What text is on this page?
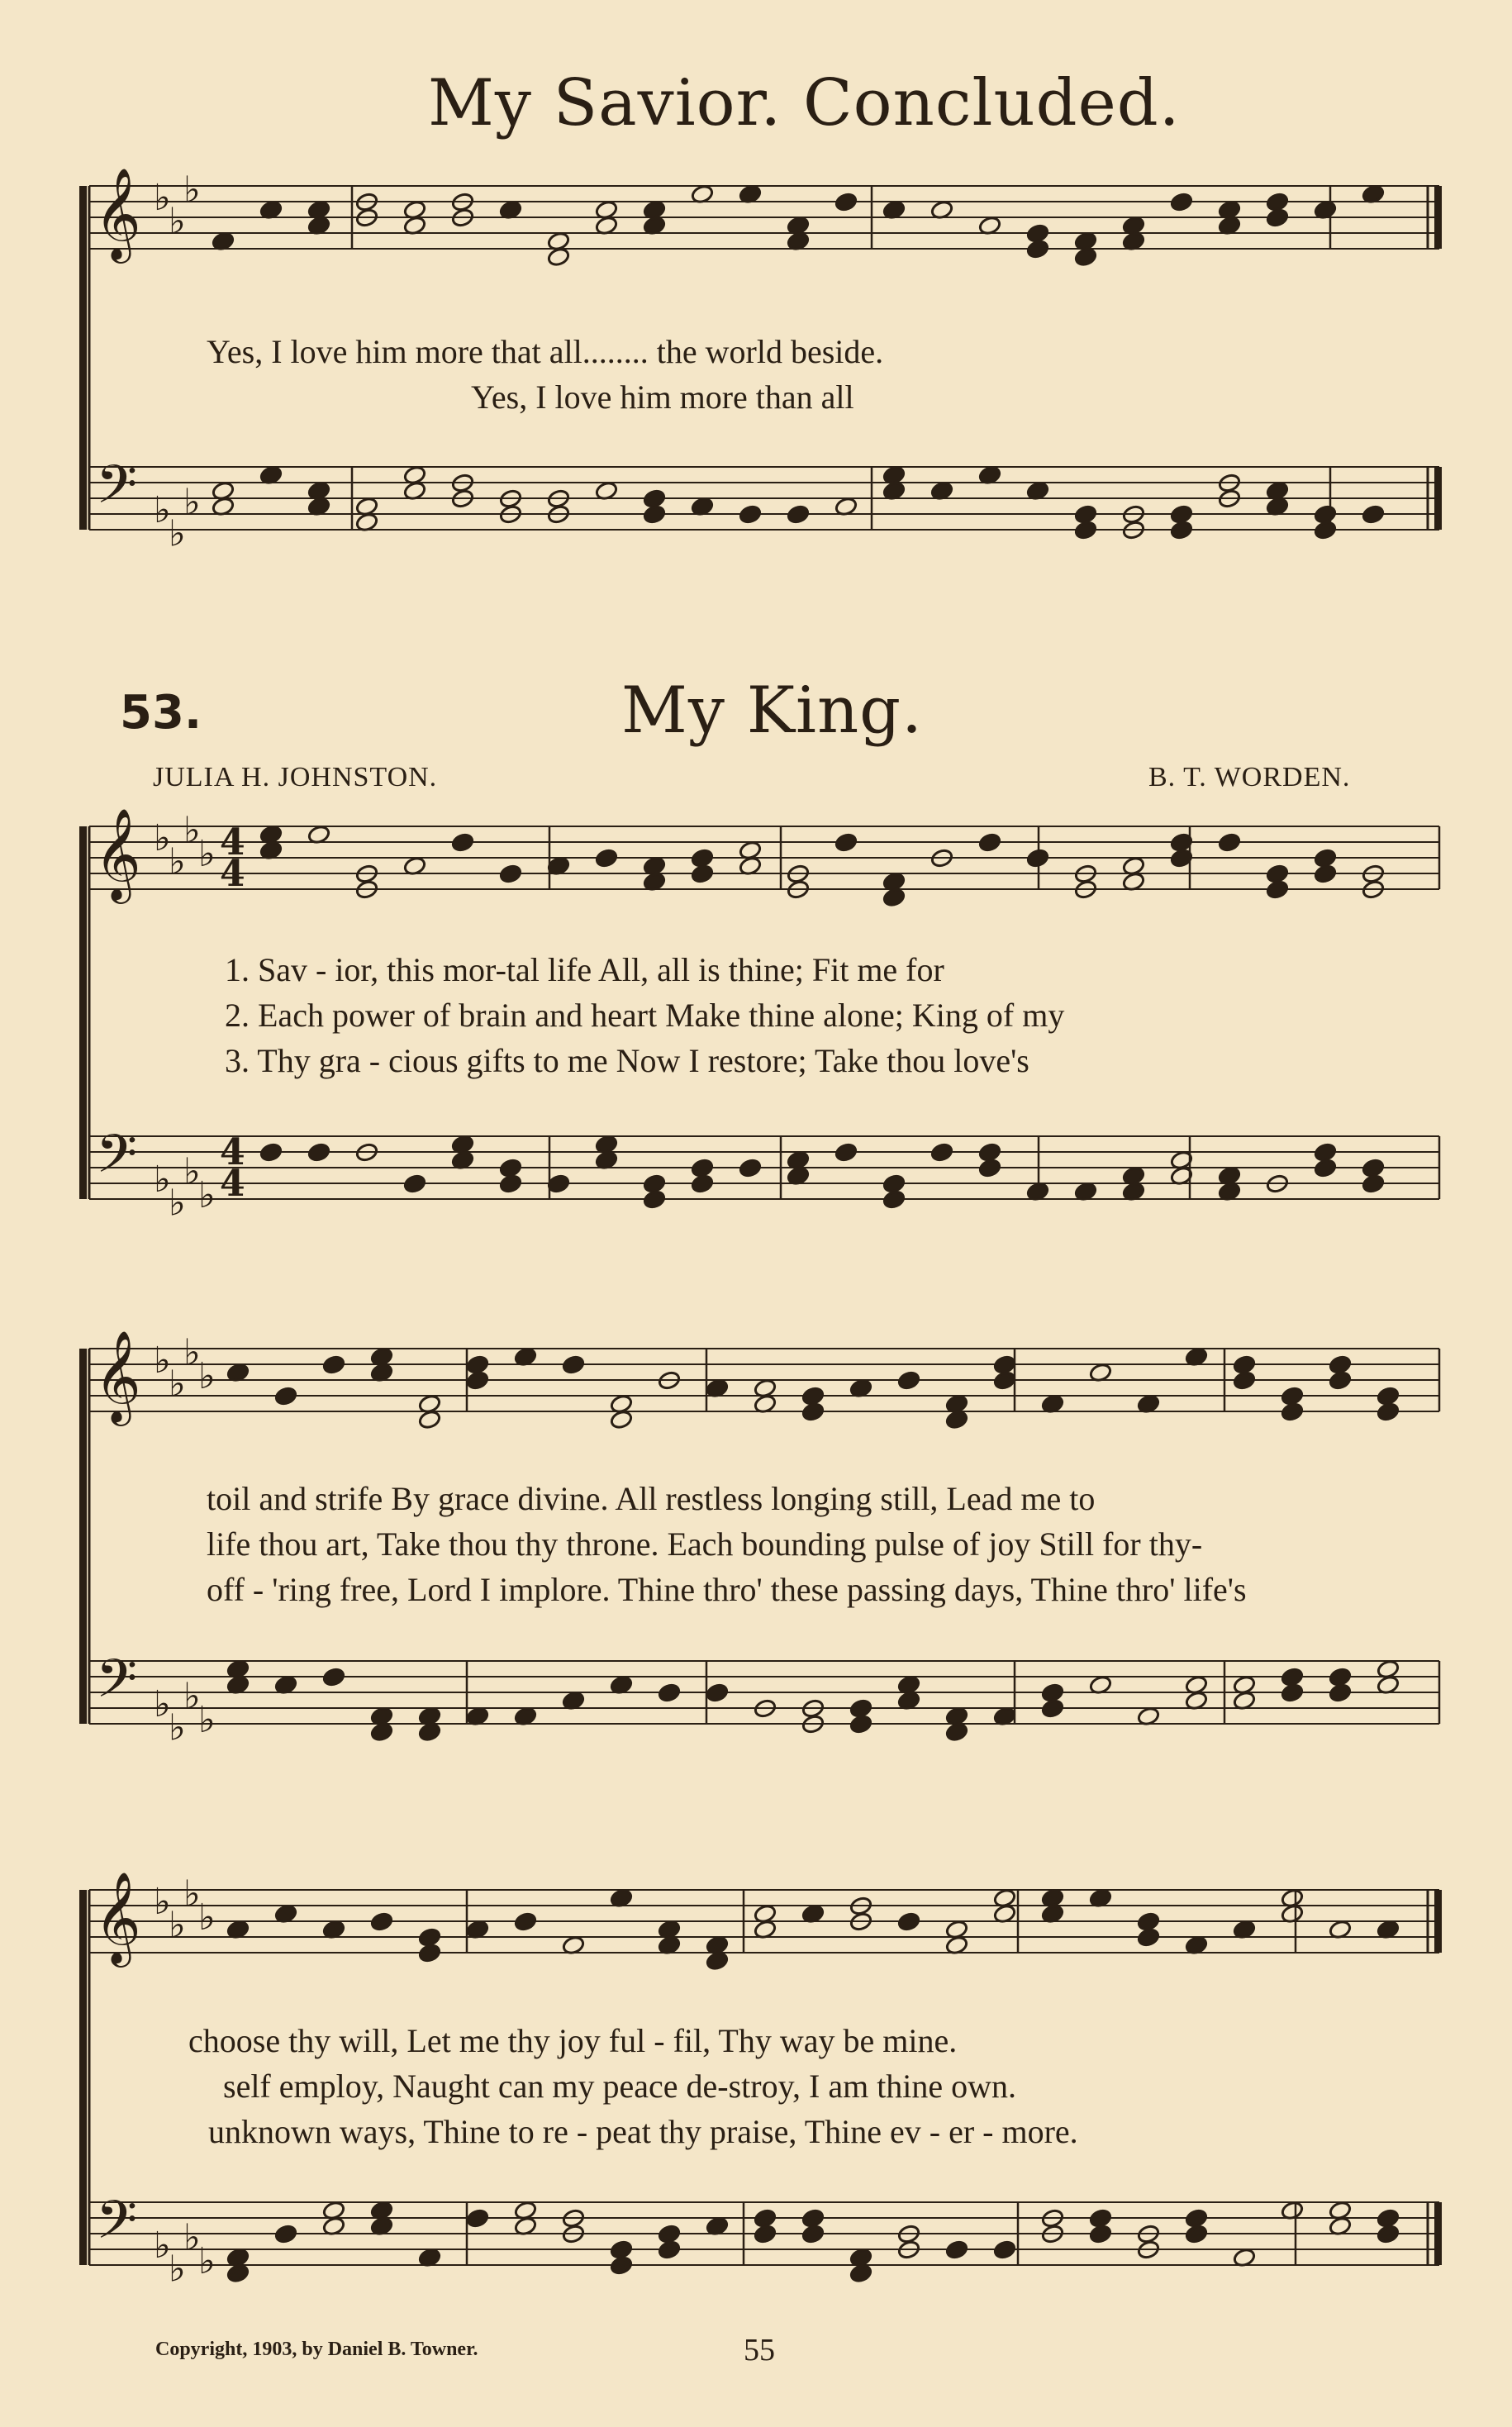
My Savior. Concluded.
Yes, I love him more that all........ the world beside.
Yes, I love him more than all
53.	My King.
JULIA H. JOHNSTON.	B. T. WORDEN.
1. Sav - ior, this mor-tal life All, all is thine; Fit me for
2. Each power of brain and heart Make thine alone; King of my
3. Thy gra - cious gifts to me Now I restore; Take thou love's
toil and strife By grace divine. All restless longing still, Lead me to
life thou art, Take thou thy throne. Each bounding pulse of joy Still for thy-
off - 'ring free, Lord I implore. Thine thro' these passing days, Thine thro' life's
choose thy will, Let me thy joy ful - fil, Thy way be mine.
self employ, Naught can my peace de-stroy, I am thine own.
unknown ways, Thine to re - peat thy praise, Thine ev - er - more.
Copyright, 1903, by Daniel B. Towner.	55
𝄞
𝄢
♭
♭
♭
♭
♭
♭
𝄞
𝄢
♭
♭
♭
♭
♭
♭
♭
♭
4
4
4
4
𝄞
𝄢
♭
♭
♭
♭
♭
♭
♭
♭
𝄞
𝄢
♭
♭
♭
♭
♭
♭
♭
♭
